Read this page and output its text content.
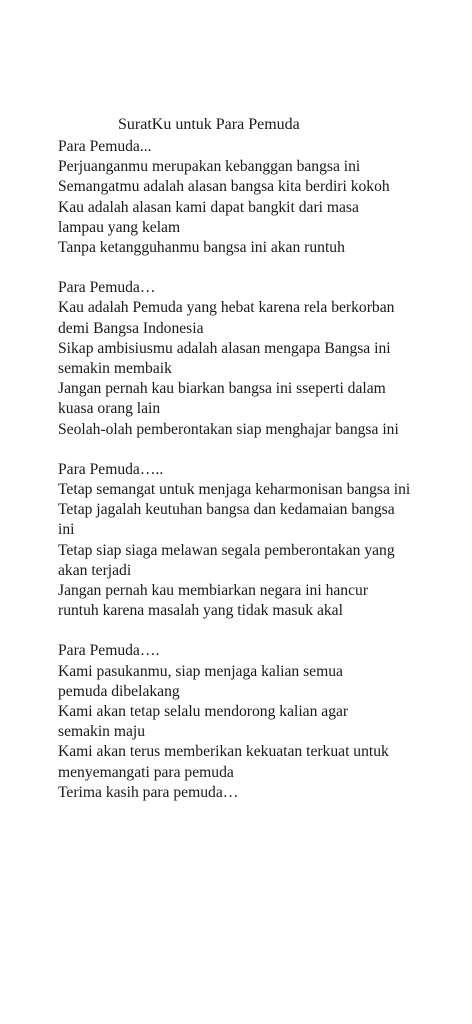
SuratKu untuk Para Pemuda
Para Pemuda...
Perjuanganmu merupakan kebanggan bangsa ini
Semangatmu adalah alasan bangsa kita berdiri kokoh
Kau adalah alasan kami dapat bangkit dari masa lampau yang kelam
Tanpa ketangguhanmu bangsa ini akan runtuh
Para Pemuda…
Kau adalah Pemuda yang hebat karena rela berkorban demi Bangsa Indonesia
Sikap ambisiusmu adalah alasan mengapa Bangsa ini semakin membaik
Jangan pernah kau biarkan bangsa ini sseperti dalam kuasa orang lain
Seolah-olah pemberontakan siap menghajar bangsa ini
Para Pemuda…..
Tetap semangat untuk menjaga keharmonisan bangsa ini
Tetap jagalah keutuhan bangsa dan kedamaian bangsa ini
Tetap siap siaga melawan segala pemberontakan yang akan terjadi
Jangan pernah kau membiarkan negara ini hancur runtuh karena masalah yang tidak masuk akal
Para Pemuda….
Kami pasukanmu, siap menjaga kalian semua pemuda dibelakang
Kami akan tetap selalu mendorong kalian agar semakin maju
Kami akan terus memberikan kekuatan terkuat untuk menyemangati para pemuda
Terima kasih para pemuda…
